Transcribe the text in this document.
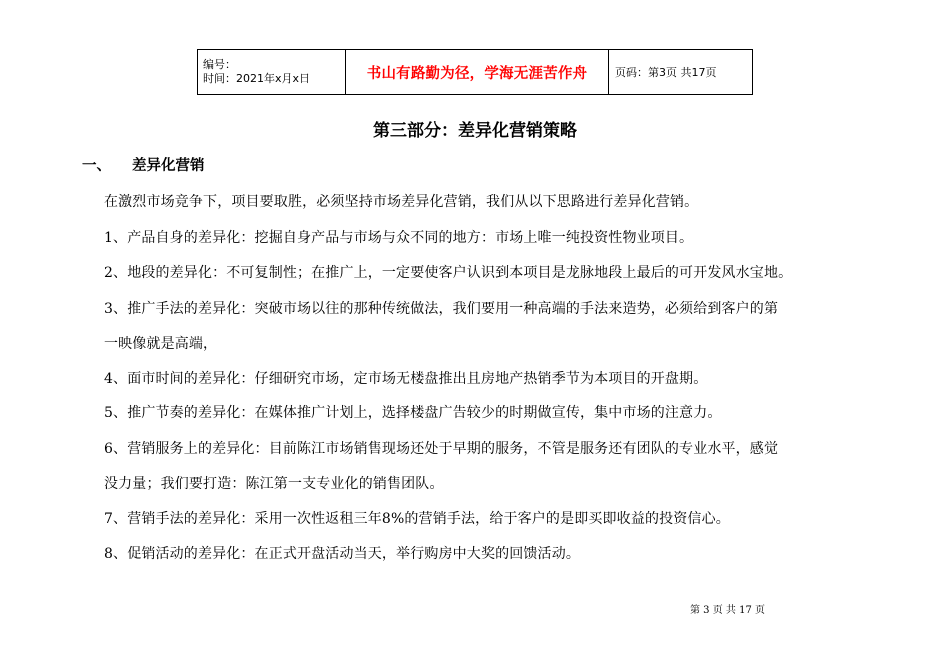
编号：
时间：2021年x月x日	书山有路勤为径，学海无涯苦作舟	页码：第3页 共17页
第三部分：差异化营销策略
一、 差异化营销
在激烈市场竞争下，项目要取胜，必须坚持市场差异化营销，我们从以下思路进行差异化营销。
1、产品自身的差异化：挖掘自身产品与市场与众不同的地方：市场上唯一纯投资性物业项目。
2、地段的差异化：不可复制性；在推广上，一定要使客户认识到本项目是龙脉地段上最后的可开发风水宝地。
3、推广手法的差异化：突破市场以往的那种传统做法，我们要用一种高端的手法来造势，必须给到客户的第
一映像就是高端，
4、面市时间的差异化：仔细研究市场，定市场无楼盘推出且房地产热销季节为本项目的开盘期。
5、推广节奏的差异化：在媒体推广计划上，选择楼盘广告较少的时期做宣传，集中市场的注意力。
6、营销服务上的差异化：目前陈江市场销售现场还处于早期的服务，不管是服务还有团队的专业水平，感觉
没力量；我们要打造：陈江第一支专业化的销售团队。
7、营销手法的差异化：采用一次性返租三年8%的营销手法，给于客户的是即买即收益的投资信心。
8、促销活动的差异化：在正式开盘活动当天，举行购房中大奖的回馈活动。
第 3 页 共 17 页
